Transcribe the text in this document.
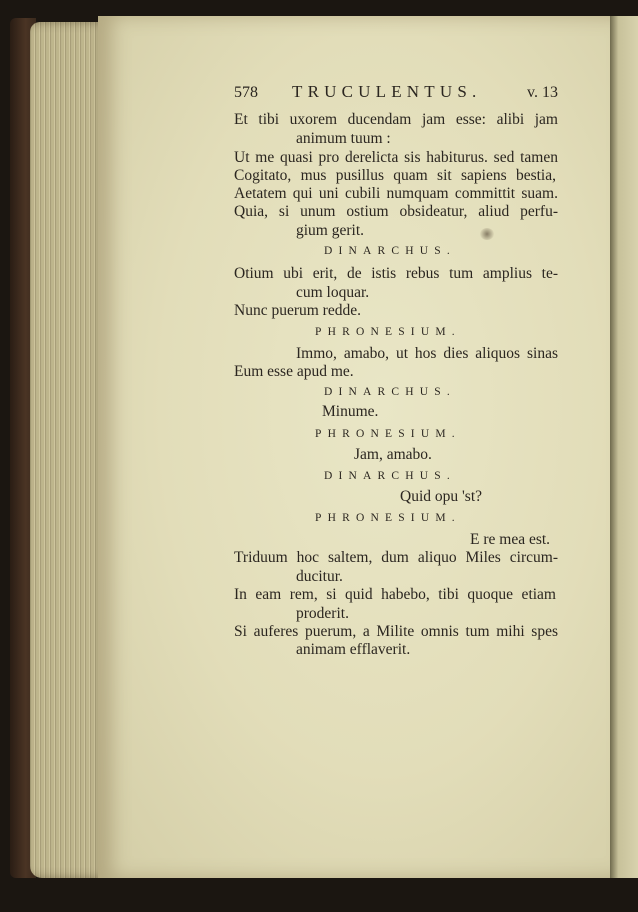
578 TRUCULENTUS.	v. 13
Et tibi uxorem ducendam jam esse: alibi jam
animum tuum :
Ut me quasi pro derelicta sis habiturus. sed tamen
Cogitato, mus pusillus quam sit sapiens bestia,
Aetatem qui uni cubili numquam committit suam.
Quia, si unum ostium obsideatur, aliud perfu-
gium gerit.
DINARCHUS.
Otium ubi erit, de istis rebus tum amplius te-
cum loquar.
Nunc puerum redde.
PHRONESIUM.
Immo, amabo, ut hos dies aliquos sinas
Eum esse apud me.
DINARCHUS.
Minume.
PHRONESIUM.
Jam, amabo.
DINARCHUS.
Quid opu 'st?
PHRONESIUM.
E re mea est.
Triduum hoc saltem, dum aliquo Miles circum-
ducitur.
In eam rem, si quid habebo, tibi quoque etiam
proderit.
Si auferes puerum, a Milite omnis tum mihi spes
animam efflaverit.
